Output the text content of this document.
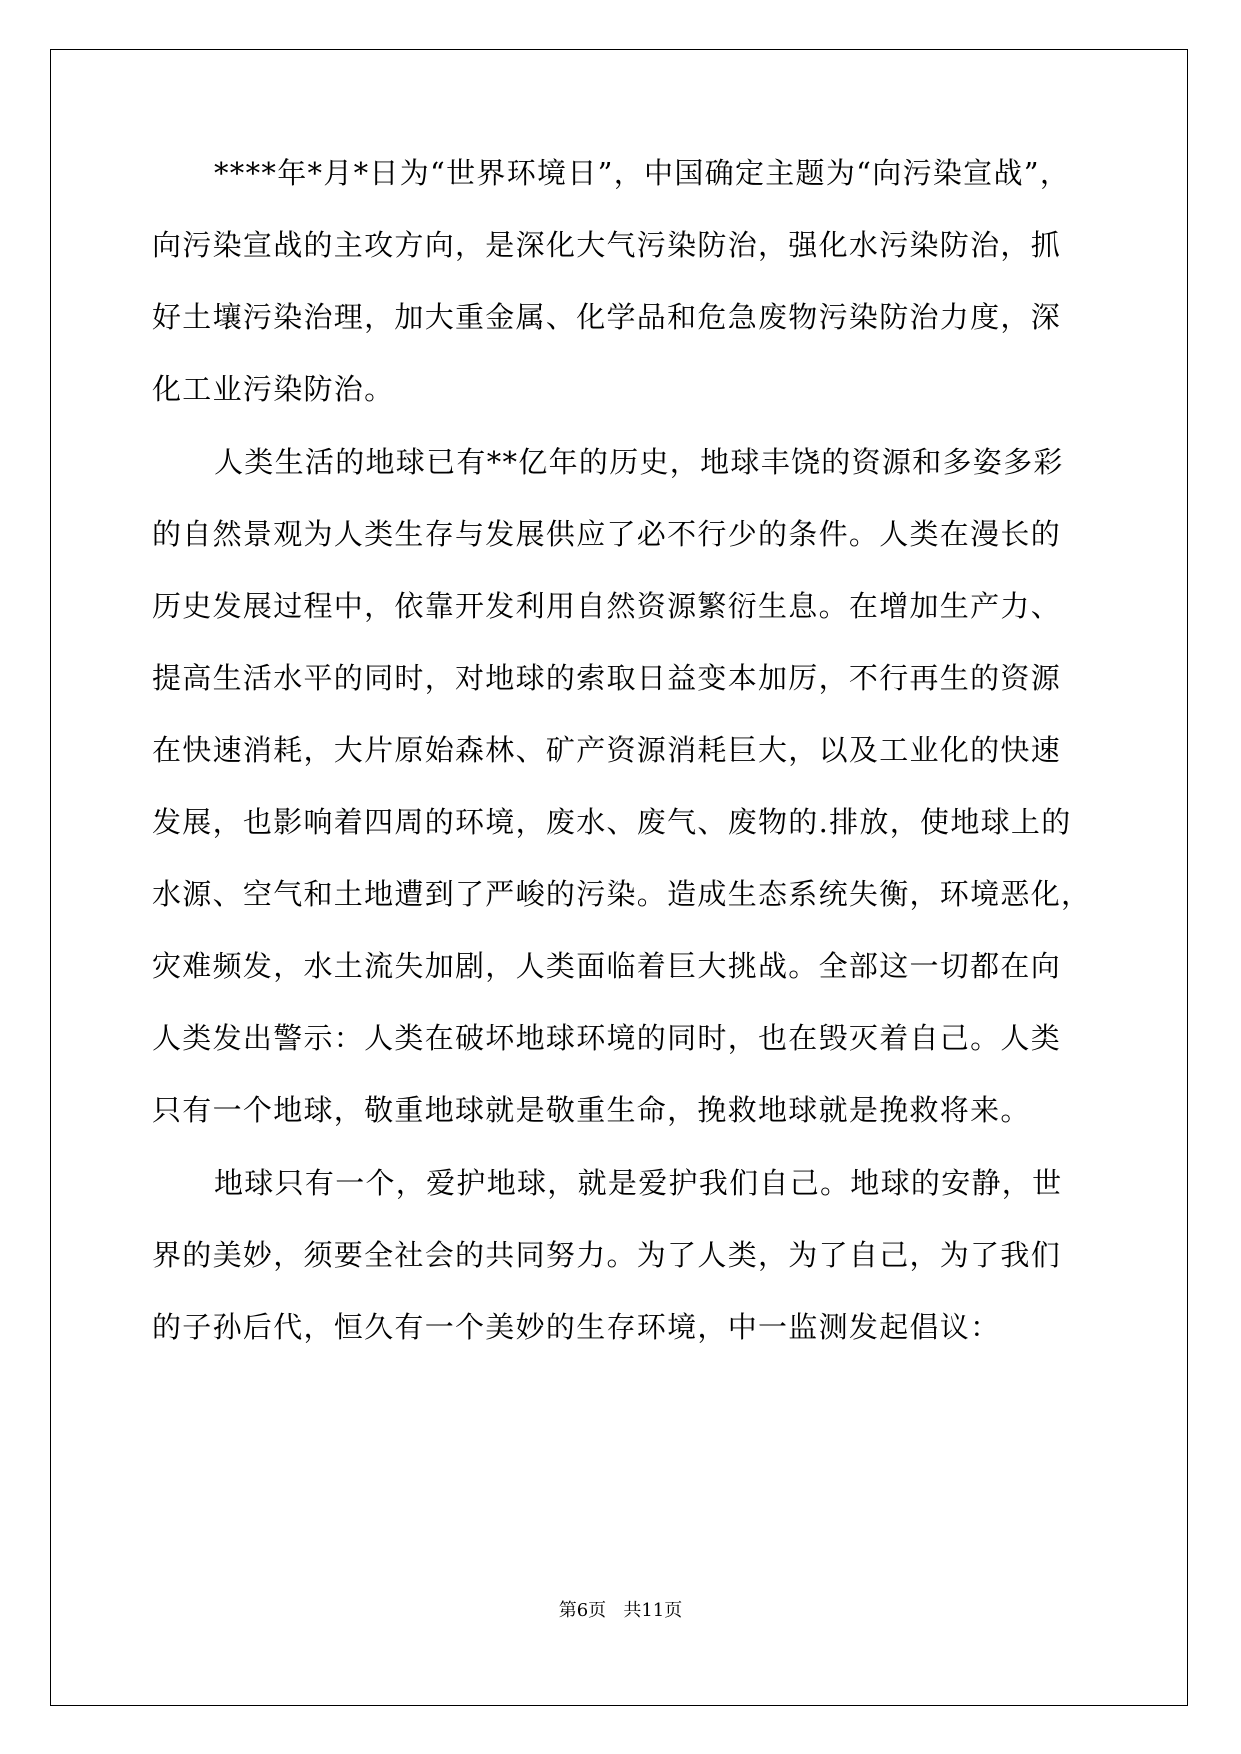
****年*月*日为“世界环境日”，中国确定主题为“向污染宣战”，
向污染宣战的主攻方向，是深化大气污染防治，强化水污染防治，抓
好土壤污染治理，加大重金属、化学品和危急废物污染防治力度，深
化工业污染防治。
人类生活的地球已有**亿年的历史，地球丰饶的资源和多姿多彩
的自然景观为人类生存与发展供应了必不行少的条件。人类在漫长的
历史发展过程中，依靠开发利用自然资源繁衍生息。在增加生产力、
提高生活水平的同时，对地球的索取日益变本加厉，不行再生的资源
在快速消耗，大片原始森林、矿产资源消耗巨大，以及工业化的快速
发展，也影响着四周的环境，废水、废气、废物的.排放，使地球上的
水源、空气和土地遭到了严峻的污染。造成生态系统失衡，环境恶化，
灾难频发，水土流失加剧，人类面临着巨大挑战。全部这一切都在向
人类发出警示：人类在破坏地球环境的同时，也在毁灭着自己。人类
只有一个地球，敬重地球就是敬重生命，挽救地球就是挽救将来。
地球只有一个，爱护地球，就是爱护我们自己。地球的安静，世
界的美妙，须要全社会的共同努力。为了人类，为了自己，为了我们
的子孙后代，恒久有一个美妙的生存环境，中一监测发起倡议：
第6页   共11页
